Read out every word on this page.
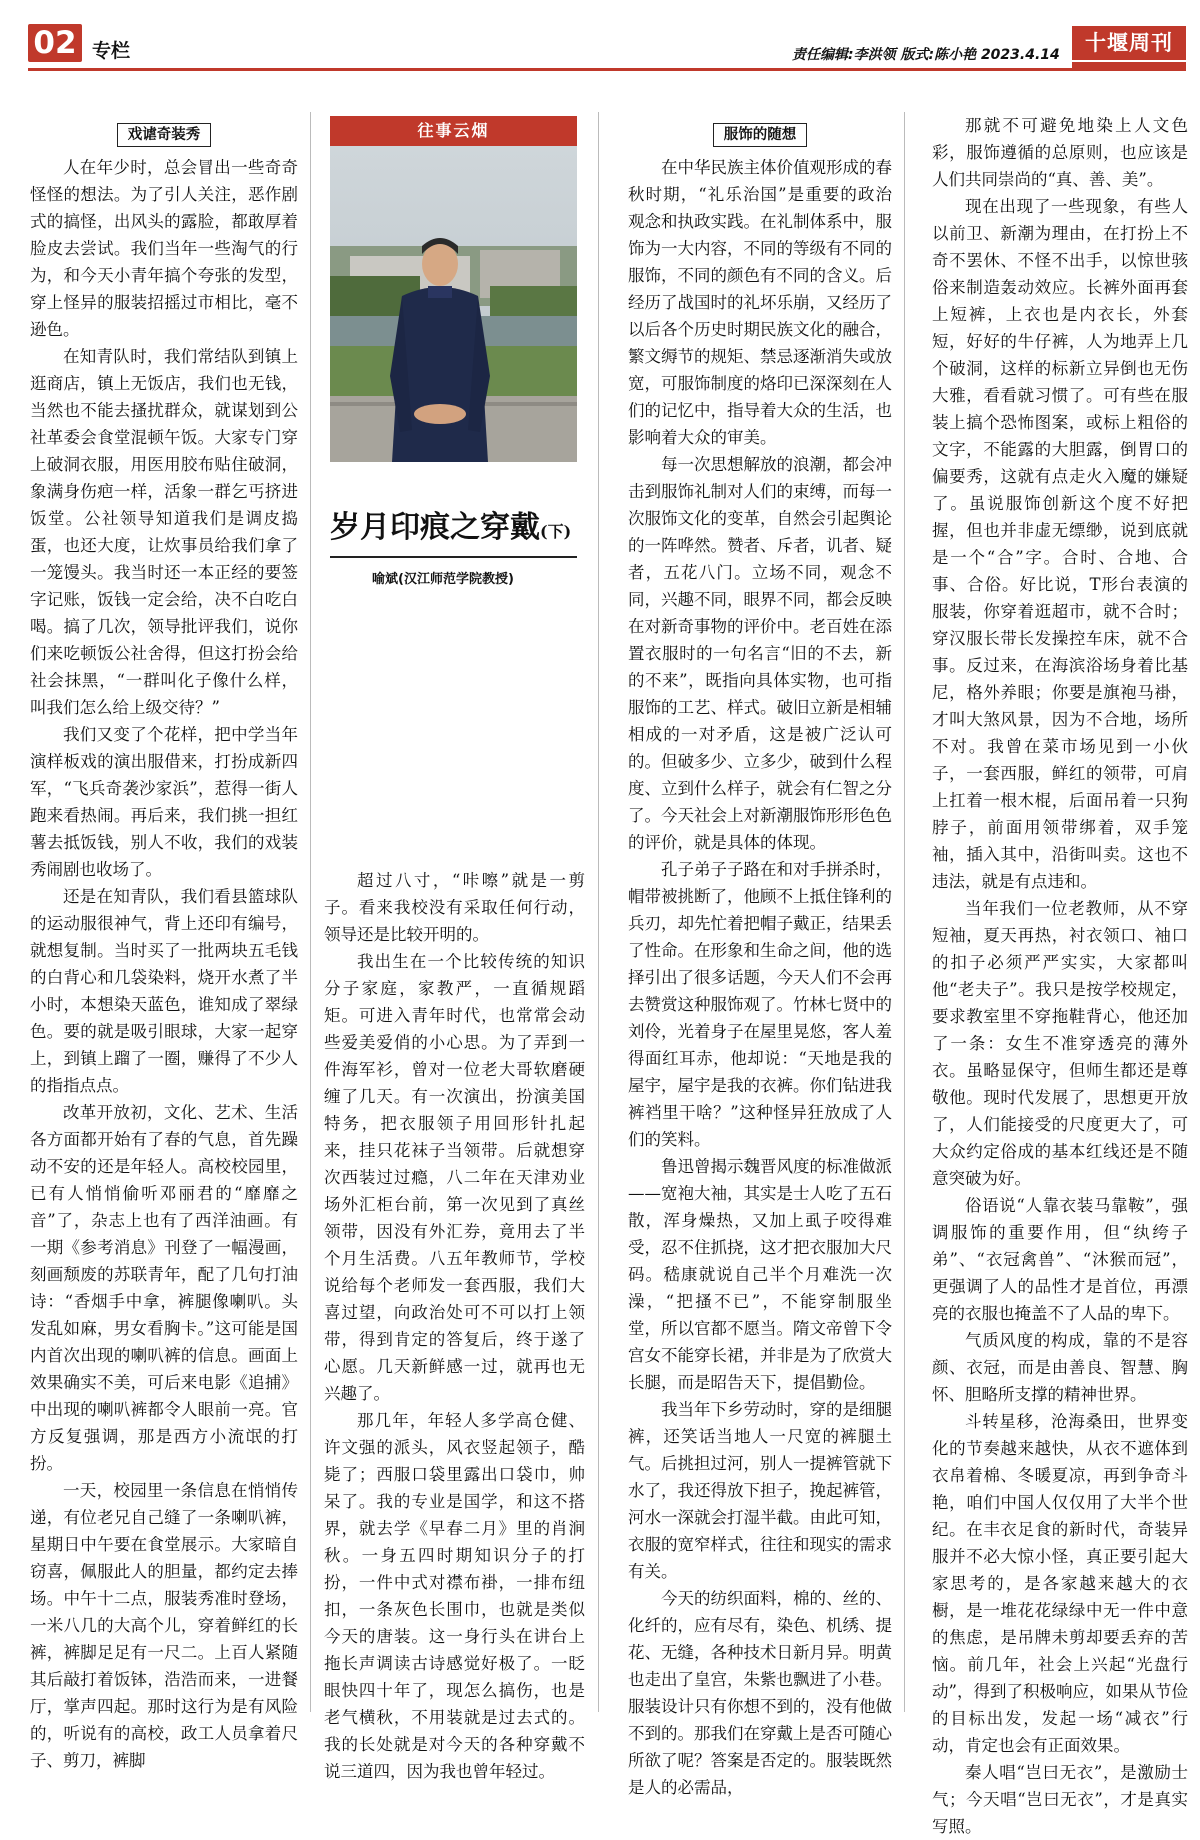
02 专栏	责任编辑:李洪领 版式:陈小艳 2023.4.14	十堰周刊
戏谑奇装秀

人在年少时，总会冒出一些奇奇怪怪的想法。为了引人关注，恶作剧式的搞怪，出风头的露脸，都敢厚着脸皮去尝试。我们当年一些淘气的行为，和今天小青年搞个夸张的发型，穿上怪异的服装招摇过市相比，毫不逊色。

在知青队时，我们常结队到镇上逛商店，镇上无饭店，我们也无钱，当然也不能去搔扰群众，就谋划到公社革委会食堂混顿午饭。大家专门穿上破洞衣服，用医用胶布贴住破洞，象满身伤疤一样，活象一群乞丐挤进饭堂。公社领导知道我们是调皮捣蛋，也还大度，让炊事员给我们拿了一笼馒头。我当时还一本正经的要签字记账，饭钱一定会给，决不白吃白喝。搞了几次，领导批评我们，说你们来吃顿饭公社舍得，但这打扮会给社会抹黑，“一群叫化子像什么样，叫我们怎么给上级交待？”

我们又变了个花样，把中学当年演样板戏的演出服借来，打扮成新四军，“飞兵奇袭沙家浜”，惹得一街人跑来看热闹。再后来，我们挑一担红薯去抵饭钱，别人不收，我们的戏装秀闹剧也收场了。

还是在知青队，我们看县篮球队的运动服很神气，背上还印有编号，就想复制。当时买了一批两块五毛钱的白背心和几袋染料，烧开水煮了半小时，本想染天蓝色，谁知成了翠绿色。要的就是吸引眼球，大家一起穿上，到镇上蹓了一圈，赚得了不少人的指指点点。

改革开放初，文化、艺术、生活各方面都开始有了春的气息，首先躁动不安的还是年轻人。高校校园里，已有人悄悄偷听邓丽君的“靡靡之音”了，杂志上也有了西洋油画。有一期《参考消息》刊登了一幅漫画，刻画颓废的苏联青年，配了几句打油诗：“香烟手中拿，裤腿像喇叭。头发乱如麻，男女看胸卡。”这可能是国内首次出现的喇叭裤的信息。画面上效果确实不美，可后来电影《追捕》中出现的喇叭裤都令人眼前一亮。官方反复强调，那是西方小流氓的打扮。

一天，校园里一条信息在悄悄传递，有位老兄自己缝了一条喇叭裤，星期日中午要在食堂展示。大家暗自窃喜，佩服此人的胆量，都约定去捧场。中午十二点，服装秀准时登场，一米八几的大高个儿，穿着鲜红的长裤，裤脚足足有一尺二。上百人紧随其后敲打着饭钵，浩浩而来，一进餐厅，掌声四起。那时这行为是有风险的，听说有的高校，政工人员拿着尺子、剪刀，裤脚

往事云烟
岁月印痕之穿戴(下)
喻斌(汉江师范学院教授)

超过八寸，“咔嚓”就是一剪子。看来我校没有采取任何行动，领导还是比较开明的。

我出生在一个比较传统的知识分子家庭，家教严，一直循规蹈矩。可进入青年时代，也常常会动些爱美爱俏的小心思。为了弄到一件海军衫，曾对一位老大哥软磨硬缠了几天。有一次演出，扮演美国特务，把衣服领子用回形针扎起来，挂只花袜子当领带。后就想穿次西装过过瘾，八二年在天津劝业场外汇柜台前，第一次见到了真丝领带，因没有外汇券，竟用去了半个月生活费。八五年教师节，学校说给每个老师发一套西服，我们大喜过望，向政治处可不可以打上领带，得到肯定的答复后，终于遂了心愿。几天新鲜感一过，就再也无兴趣了。

那几年，年轻人多学高仓健、许文强的派头，风衣竖起领子，酷毙了；西服口袋里露出口袋巾，帅呆了。我的专业是国学，和这不搭界，就去学《早春二月》里的肖涧秋。一身五四时期知识分子的打扮，一件中式对襟布褂，一排布纽扣，一条灰色长围巾，也就是类似今天的唐装。这一身行头在讲台上拖长声调读古诗感觉好极了。一眨眼快四十年了，现怎么搞伤，也是老气横秋，不用装就是过去式的。我的长处就是对今天的各种穿戴不说三道四，因为我也曾年轻过。

服饰的随想

在中华民族主体价值观形成的春秋时期，“礼乐治国”是重要的政治观念和执政实践。在礼制体系中，服饰为一大内容，不同的等级有不同的服饰，不同的颜色有不同的含义。后经历了战国时的礼坏乐崩，又经历了以后各个历史时期民族文化的融合，繁文缛节的规矩、禁忌逐渐消失或放宽，可服饰制度的烙印已深深刻在人们的记忆中，指导着大众的生活，也影响着大众的审美。

每一次思想解放的浪潮，都会冲击到服饰礼制对人们的束缚，而每一次服饰文化的变革，自然会引起舆论的一阵哗然。赞者、斥者，讥者、疑者，五花八门。立场不同，观念不同，兴趣不同，眼界不同，都会反映在对新奇事物的评价中。老百姓在添置衣服时的一句名言“旧的不去，新的不来”，既指向具体实物，也可指服饰的工艺、样式。破旧立新是相辅相成的一对矛盾，这是被广泛认可的。但破多少、立多少，破到什么程度、立到什么样子，就会有仁智之分了。今天社会上对新潮服饰形形色色的评价，就是具体的体现。

孔子弟子子路在和对手拼杀时，帽带被挑断了，他顾不上抵住锋利的兵刃，却先忙着把帽子戴正，结果丢了性命。在形象和生命之间，他的选择引出了很多话题，今天人们不会再去赞赏这种服饰观了。竹林七贤中的刘伶，光着身子在屋里晃悠，客人羞得面红耳赤，他却说：“天地是我的屋宇，屋宇是我的衣裤。你们钻进我裤裆里干啥？”这种怪异狂放成了人们的笑料。

鲁迅曾揭示魏晋风度的标准做派——宽袍大袖，其实是士人吃了五石散，浑身燥热，又加上虱子咬得难受，忍不住抓挠，这才把衣服加大尺码。嵇康就说自己半个月难洗一次澡，“把搔不已”，不能穿制服坐堂，所以官都不愿当。隋文帝曾下令宫女不能穿长裙，并非是为了欣赏大长腿，而是昭告天下，提倡勤俭。

我当年下乡劳动时，穿的是细腿裤，还笑话当地人一尺宽的裤腿土气。后挑担过河，别人一提裤管就下水了，我还得放下担子，挽起裤管，河水一深就会打湿半截。由此可知，衣服的宽窄样式，往往和现实的需求有关。

今天的纺织面料，棉的、丝的、化纤的，应有尽有，染色、机绣、提花、无缝，各种技术日新月异。明黄也走出了皇宫，朱紫也飘进了小巷。服装设计只有你想不到的，没有他做不到的。那我们在穿戴上是否可随心所欲了呢？答案是否定的。服装既然是人的必需品，

那就不可避免地染上人文色彩，服饰遵循的总原则，也应该是人们共同崇尚的“真、善、美”。

现在出现了一些现象，有些人以前卫、新潮为理由，在打扮上不奇不罢休、不怪不出手，以惊世骇俗来制造轰动效应。长裤外面再套上短裤，上衣也是内衣长，外套短，好好的牛仔裤，人为地弄上几个破洞，这样的标新立异倒也无伤大雅，看看就习惯了。可有些在服装上搞个恐怖图案，或标上粗俗的文字，不能露的大胆露，倒胃口的偏要秀，这就有点走火入魔的嫌疑了。虽说服饰创新这个度不好把握，但也并非虚无缥缈，说到底就是一个“合”字。合时、合地、合事、合俗。好比说，T形台表演的服装，你穿着逛超市，就不合时；穿汉服长带长发操控车床，就不合事。反过来，在海滨浴场身着比基尼，格外养眼；你要是旗袍马褂，才叫大煞风景，因为不合地，场所不对。我曾在菜市场见到一小伙子，一套西服，鲜红的领带，可肩上扛着一根木棍，后面吊着一只狗脖子，前面用领带绑着，双手笼袖，插入其中，沿街叫卖。这也不违法，就是有点违和。

当年我们一位老教师，从不穿短袖，夏天再热，衬衣领口、袖口的扣子必须严严实实，大家都叫他“老夫子”。我只是按学校规定，要求教室里不穿拖鞋背心，他还加了一条：女生不准穿透亮的薄外衣。虽略显保守，但师生都还是尊敬他。现时代发展了，思想更开放了，人们能接受的尺度更大了，可大众约定俗成的基本红线还是不随意突破为好。

俗语说“人靠衣装马靠鞍”，强调服饰的重要作用，但“纨绔子弟”、“衣冠禽兽”、“沐猴而冠”，更强调了人的品性才是首位，再漂亮的衣服也掩盖不了人品的卑下。

气质风度的构成，靠的不是容颜、衣冠，而是由善良、智慧、胸怀、胆略所支撑的精神世界。

斗转星移，沧海桑田，世界变化的节奏越来越快，从衣不遮体到衣帛着棉、冬暖夏凉，再到争奇斗艳，咱们中国人仅仅用了大半个世纪。在丰衣足食的新时代，奇装异服并不必大惊小怪，真正要引起大家思考的，是各家越来越大的衣橱，是一堆花花绿绿中无一件中意的焦虑，是吊牌未剪却要丢弃的苦恼。前几年，社会上兴起“光盘行动”，得到了积极响应，如果从节俭的目标出发，发起一场“减衣”行动，肯定也会有正面效果。

秦人唱“岂曰无衣”，是激励士气；今天唱“岂曰无衣”，才是真实写照。
